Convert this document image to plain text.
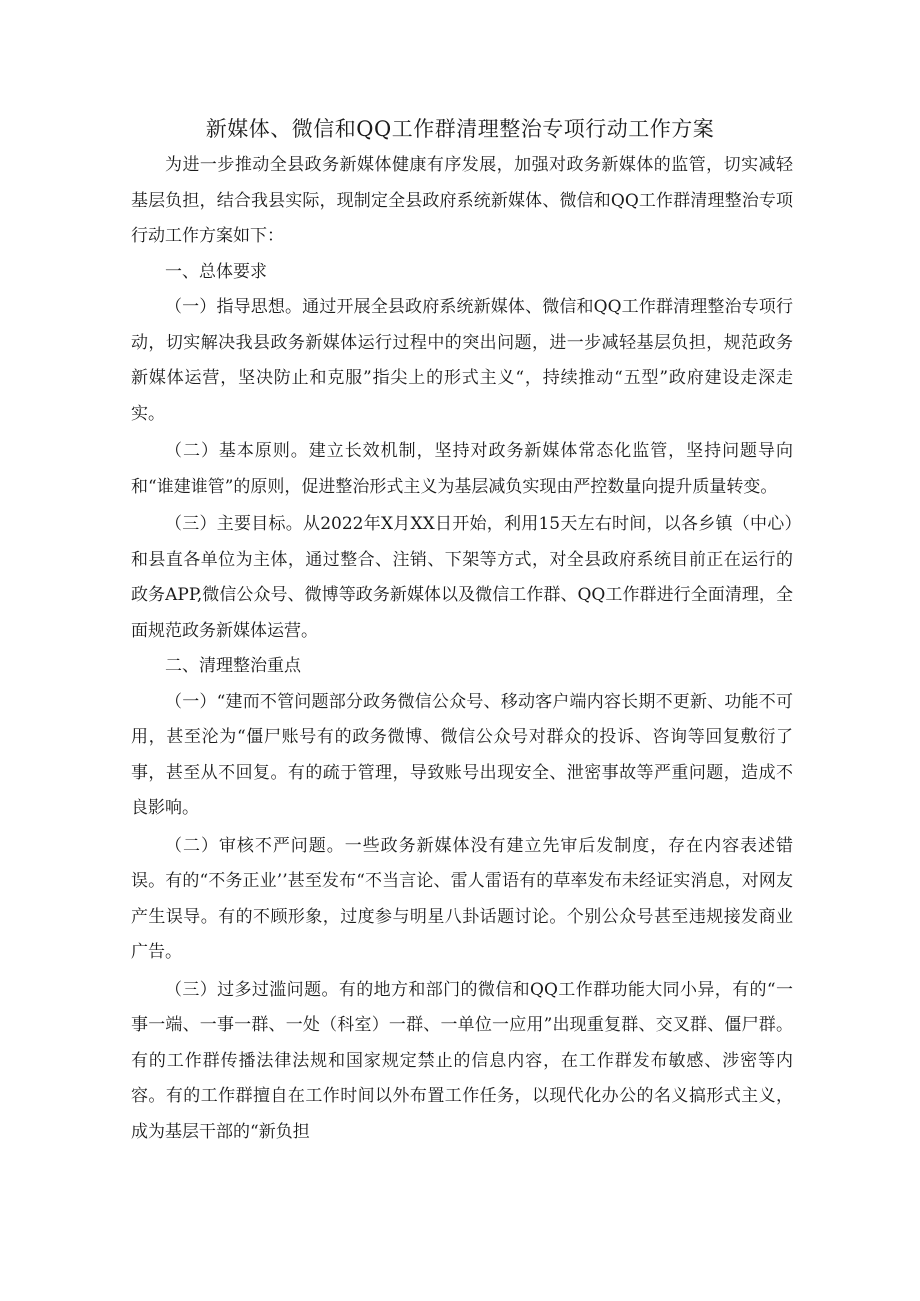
新媒体、微信和QQ工作群清理整治专项行动工作方案

为进一步推动全县政务新媒体健康有序发展，加强对政务新媒体的监管，切实减轻基层负担，结合我县实际，现制定全县政府系统新媒体、微信和QQ工作群清理整治专项行动工作方案如下：

一、总体要求

（一）指导思想。通过开展全县政府系统新媒体、微信和QQ工作群清理整治专项行动，切实解决我县政务新媒体运行过程中的突出问题，进一步减轻基层负担，规范政务新媒体运营，坚决防止和克服”指尖上的形式主义“，持续推动“五型”政府建设走深走实。

（二）基本原则。建立长效机制，坚持对政务新媒体常态化监管，坚持问题导向和“谁建谁管”的原则，促进整治形式主义为基层减负实现由严控数量向提升质量转变。

（三）主要目标。从2022年X月XX日开始，利用15天左右时间，以各乡镇（中心）和县直各单位为主体，通过整合、注销、下架等方式，对全县政府系统目前正在运行的政务APP,微信公众号、微博等政务新媒体以及微信工作群、QQ工作群进行全面清理，全面规范政务新媒体运营。

二、清理整治重点

（一）“建而不管问题部分政务微信公众号、移动客户端内容长期不更新、功能不可用，甚至沦为“僵尸账号有的政务微博、微信公众号对群众的投诉、咨询等回复敷衍了事，甚至从不回复。有的疏于管理，导致账号出现安全、泄密事故等严重问题，造成不良影响。

（二）审核不严问题。一些政务新媒体没有建立先审后发制度，存在内容表述错误。有的“不务正业’’甚至发布“不当言论、雷人雷语有的草率发布未经证实消息，对网友产生误导。有的不顾形象，过度参与明星八卦话题讨论。个别公众号甚至违规接发商业广告。

（三）过多过滥问题。有的地方和部门的微信和QQ工作群功能大同小异，有的“一事一端、一事一群、一处（科室）一群、一单位一应用”出现重复群、交叉群、僵尸群。有的工作群传播法律法规和国家规定禁止的信息内容，在工作群发布敏感、涉密等内容。有的工作群擅自在工作时间以外布置工作任务，以现代化办公的名义搞形式主义，成为基层干部的“新负担
